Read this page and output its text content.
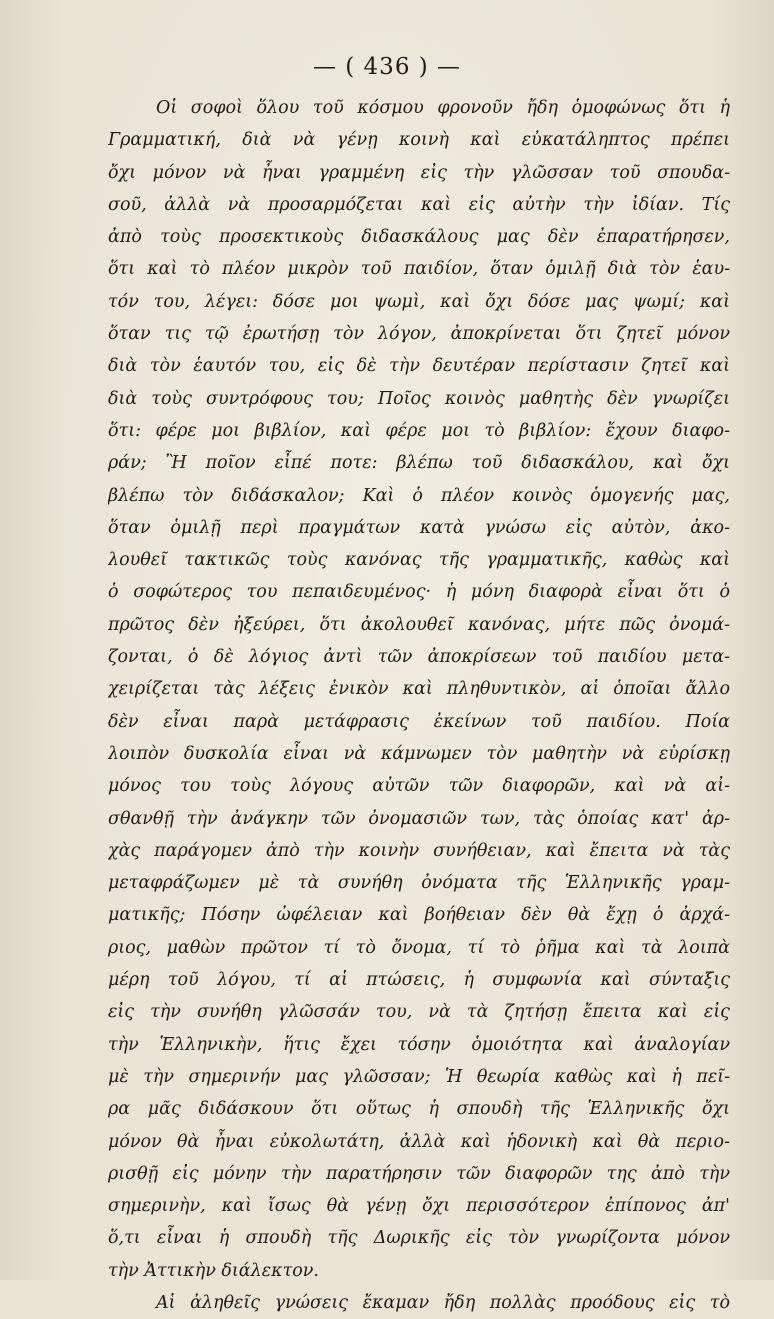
— ( 436 ) —
Οἱ σοφοὶ ὅλου τοῦ κόσμου φρονοῦν ἤδη ὁμοφώνως ὅτι ἡ
Γραμματική, διὰ νὰ γένῃ κοινὴ καὶ εὐκατάληπτος πρέπει
ὄχι μόνον νὰ ἦναι γραμμένη εἰς τὴν γλῶσσαν τοῦ σπουδα-
σοῦ, ἀλλὰ νὰ προσαρμόζεται καὶ εἰς αὐτὴν τὴν ἰδίαν. Τίς
ἀπὸ τοὺς προσεκτικοὺς διδασκάλους μας δὲν ἐπαρατήρησεν,
ὅτι καὶ τὸ πλέον μικρὸν τοῦ παιδίον, ὅταν ὁμιλῇ διὰ τὸν ἑαυ-
τόν του, λέγει: δόσε μοι ψωμὶ, καὶ ὄχι δόσε μας ψωμί; καὶ
ὅταν τις τῷ ἐρωτήσῃ τὸν λόγον, ἀποκρίνεται ὅτι ζητεῖ μόνον
διὰ τὸν ἑαυτόν του, εἰς δὲ τὴν δευτέραν περίστασιν ζητεῖ καὶ
διὰ τοὺς συντρόφους του; Ποῖος κοινὸς μαθητὴς δὲν γνωρίζει
ὅτι: φέρε μοι βιβλίον, καὶ φέρε μοι τὸ βιβλίον: ἔχουν διαφο-
ράν; Ἢ ποῖον εἶπέ ποτε: βλέπω τοῦ διδασκάλου, καὶ ὄχι
βλέπω τὸν διδάσκαλον; Καὶ ὁ πλέον κοινὸς ὁμογενής μας,
ὅταν ὁμιλῇ περὶ πραγμάτων κατὰ γνώσω εἰς αὐτὸν, ἀκο-
λουθεῖ τακτικῶς τοὺς κανόνας τῆς γραμματικῆς, καθὼς καὶ
ὁ σοφώτερος του πεπαιδευμένος· ἡ μόνη διαφορὰ εἶναι ὅτι ὁ
πρῶτος δὲν ἠξεύρει, ὅτι ἀκολουθεῖ κανόνας, μήτε πῶς ὀνομά-
ζονται, ὁ δὲ λόγιος ἀντὶ τῶν ἀποκρίσεων τοῦ παιδίου μετα-
χειρίζεται τὰς λέξεις ἑνικὸν καὶ πληθυντικὸν, αἱ ὁποῖαι ἄλλο
δὲν εἶναι παρὰ μετάφρασις ἐκείνων τοῦ παιδίου. Ποία
λοιπὸν δυσκολία εἶναι νὰ κάμνωμεν τὸν μαθητὴν νὰ εὑρίσκῃ
μόνος του τοὺς λόγους αὐτῶν τῶν διαφορῶν, καὶ νὰ αἰ-
σθανθῇ τὴν ἀνάγκην τῶν ὀνομασιῶν των, τὰς ὁποίας κατ' ἀρ-
χὰς παράγομεν ἀπὸ τὴν κοινὴν συνήθειαν, καὶ ἔπειτα νὰ τὰς
μεταφράζωμεν μὲ τὰ συνήθη ὀνόματα τῆς Ἑλληνικῆς γραμ-
ματικῆς; Πόσην ὠφέλειαν καὶ βοήθειαν δὲν θὰ ἔχῃ ὁ ἀρχά-
ριος, μαθὼν πρῶτον τί τὸ ὄνομα, τί τὸ ῥῆμα καὶ τὰ λοιπὰ
μέρη τοῦ λόγου, τί αἱ πτώσεις, ἡ συμφωνία καὶ σύνταξις
εἰς τὴν συνήθη γλῶσσάν του, νὰ τὰ ζητήσῃ ἔπειτα καὶ εἰς
τὴν Ἑλληνικὴν, ἥτις ἔχει τόσην ὁμοιότητα καὶ ἀναλογίαν
μὲ τὴν σημερινήν μας γλῶσσαν; Ἡ θεωρία καθὼς καὶ ἡ πεῖ-
ρα μᾶς διδάσκουν ὅτι οὕτως ἡ σπουδὴ τῆς Ἑλληνικῆς ὄχι
μόνον θὰ ἦναι εὐκολωτάτη, ἀλλὰ καὶ ἡδονικὴ καὶ θὰ περιο-
ρισθῇ εἰς μόνην τὴν παρατήρησιν τῶν διαφορῶν της ἀπὸ τὴν
σημερινὴν, καὶ ἴσως θὰ γένῃ ὄχι περισσότερον ἐπίπονος ἀπ'
ὅ,τι εἶναι ἡ σπουδὴ τῆς Δωρικῆς εἰς τὸν γνωρίζοντα μόνον
τὴν Ἀττικὴν διάλεκτον.
Αἱ ἀληθεῖς γνώσεις ἔκαμαν ἤδη πολλὰς προόδους εἰς τὸ
